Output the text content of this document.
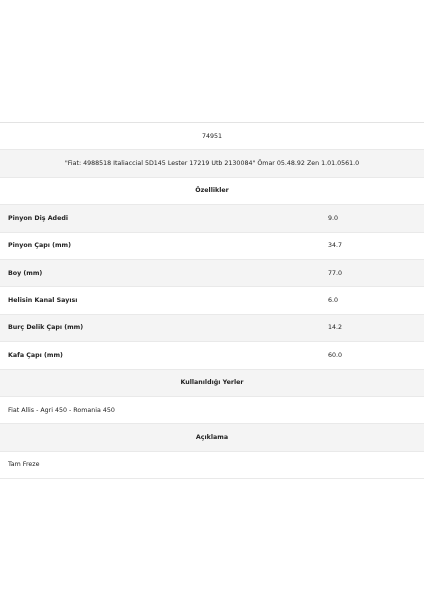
74951
"Fiat: 4988518 Italiaccial 5D145 Lester 17219 Utb 2130084" Ömar 05.48.92 Zen 1.01.0561.0
Özellikler
Pinyon Diş Adedi	9.0
Pinyon Çapı (mm)	34.7
Boy (mm)	77.0
Helisin Kanal Sayısı	6.0
Burç Delik Çapı (mm)	14.2
Kafa Çapı (mm)	60.0
Kullanıldığı Yerler
Fiat Allis - Agri 450 - Romania 450
Açıklama
Tam Freze
